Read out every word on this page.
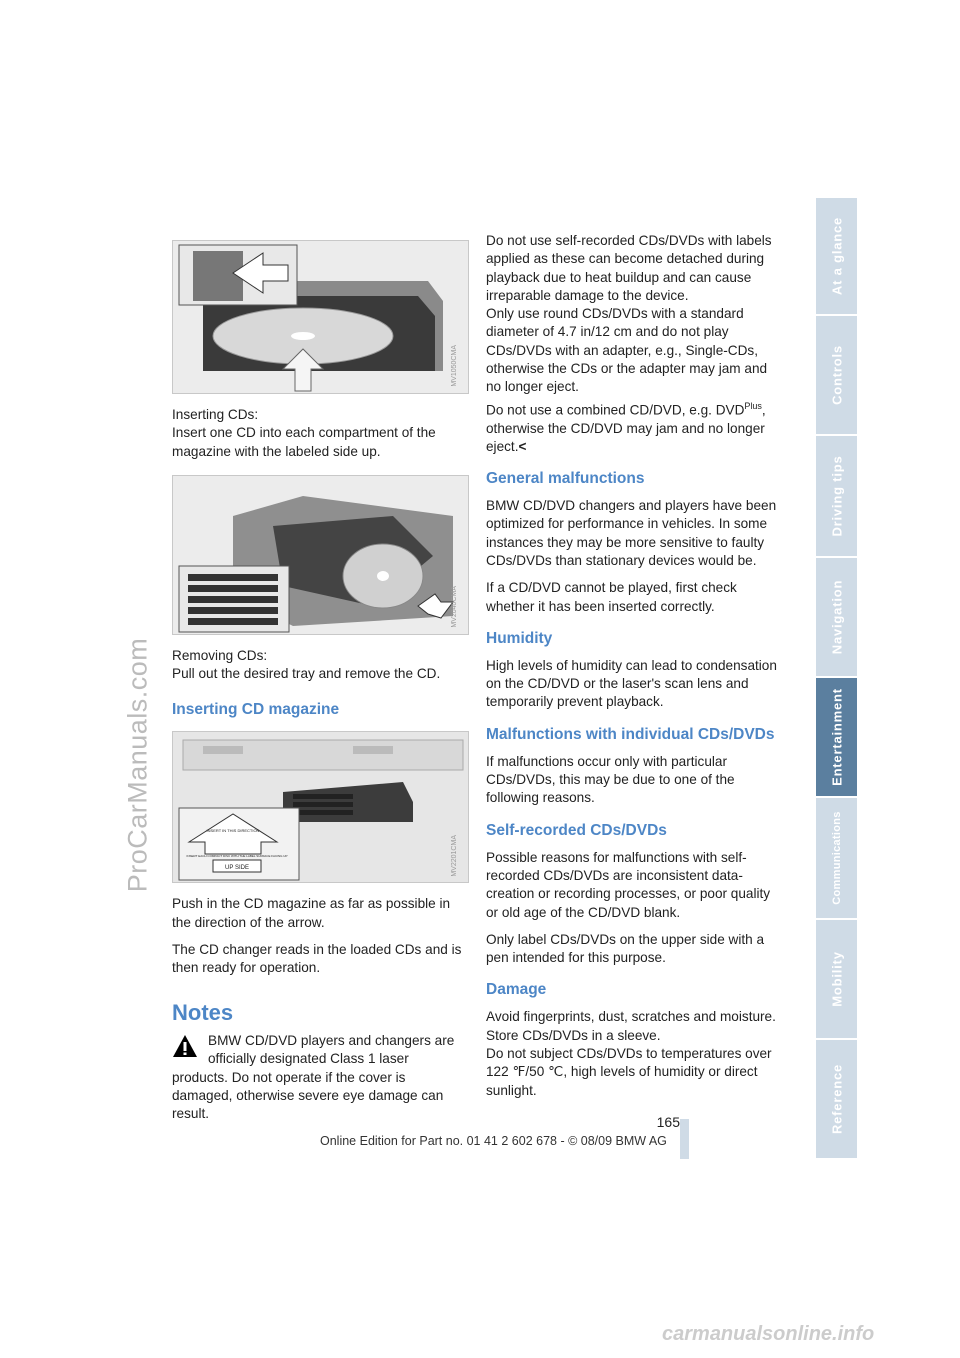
ProCarManuals.com
At a glance
Controls
Driving tips
Navigation
Entertainment
Communications
Mobility
Reference
MV1050CMA

Inserting CDs:

Insert one CD into each compartment of the magazine with the labeled side up.

MV2040CMA

Removing CDs:

Pull out the desired tray and remove the CD.

Inserting CD magazine
INSERT IN THIS DIRECTION
INSERT EACH COMPACT DISC WITH THE LABEL SURFACE FACING UP
UP SIDE	MV2201CMA

Push in the CD magazine as far as possible in the direction of the arrow.

The CD changer reads in the loaded CDs and is then ready for operation.

Notes

BMW CD/DVD players and changers are officially designated Class 1 laser products. Do not operate if the cover is damaged, otherwise severe eye damage can result.

Do not use self-recorded CDs/DVDs with labels applied as these can become detached during playback due to heat buildup and can cause irreparable damage to the device.

Only use round CDs/DVDs with a standard diameter of 4.7 in/12 cm and do not play CDs/DVDs with an adapter, e.g., Single-CDs, otherwise the CDs or the adapter may jam and no longer eject.

Do not use a combined CD/DVD, e.g. $DVD^{Plus}$, otherwise the CD/DVD may jam and no longer eject.<

General malfunctions

BMW CD/DVD changers and players have been optimized for performance in vehicles. In some instances they may be more sensitive to faulty CDs/DVDs than stationary devices would be.

If a CD/DVD cannot be played, first check whether it has been inserted correctly.

Humidity

High levels of humidity can lead to condensation on the CD/DVD or the laser's scan lens and temporarily prevent playback.

Malfunctions with individual CDs/DVDs

If malfunctions occur only with particular CDs/DVDs, this may be due to one of the following reasons.

Self-recorded CDs/DVDs

Possible reasons for malfunctions with self-recorded CDs/DVDs are inconsistent data-creation or recording processes, or poor quality or old age of the CD/DVD blank.

Only label CDs/DVDs on the upper side with a pen intended for this purpose.

Damage

Avoid fingerprints, dust, scratches and moisture.

Store CDs/DVDs in a sleeve.

Do not subject CDs/DVDs to temperatures over 122 ℉/50 ℃, high levels of humidity or direct sunlight.

165
Online Edition for Part no. 01 41 2 602 678 - © 08/09 BMW AG
carmanualsonline.info
